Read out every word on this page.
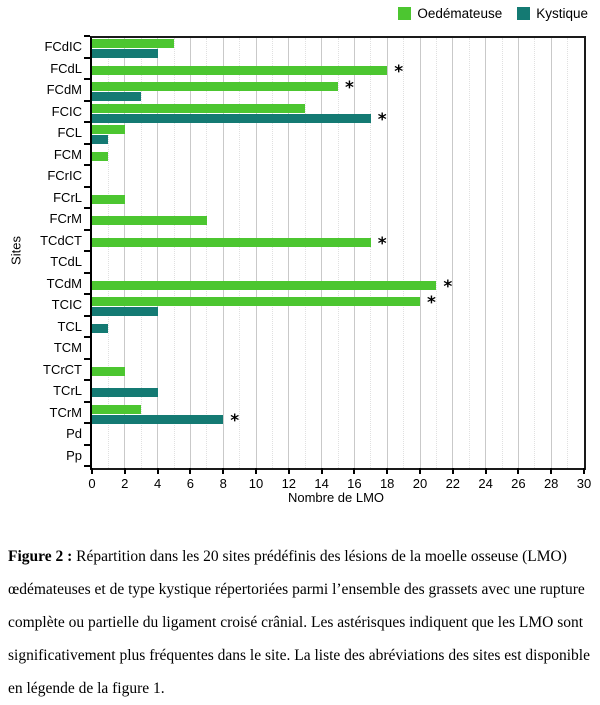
Oedémateuse	Kystique
Sites
*
*
*
*
*
*
*
FCdIC
FCdL
FCdM
FCIC
FCL
FCM
FCrIC
FCrL
FCrM
TCdCT
TCdL
TCdM
TCIC
TCL
TCM
TCrCT
TCrL
TCrM
Pd
Pp
0	2	4	6	8	10	12	14	16	18	20	22	24	26	28	30
Nombre de LMO

Figure 2 : Répartition dans les 20 sites prédéfinis des lésions de la moelle osseuse (LMO) œdémateuses et de type kystique répertoriées parmi l’ensemble des grassets avec une rupture complète ou partielle du ligament croisé crânial. Les astérisques indiquent que les LMO sont significativement plus fréquentes dans le site. La liste des abréviations des sites est disponible en légende de la figure 1.
